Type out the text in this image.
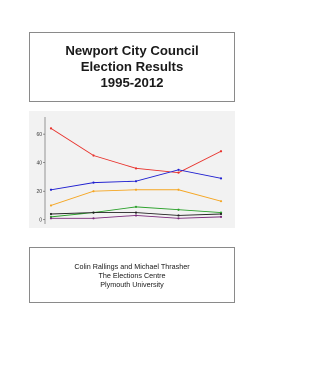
Newport City Council
Election Results
1995-2012
0
20
40
60
Colin Rallings and Michael Thrasher
The Elections Centre
Plymouth University
